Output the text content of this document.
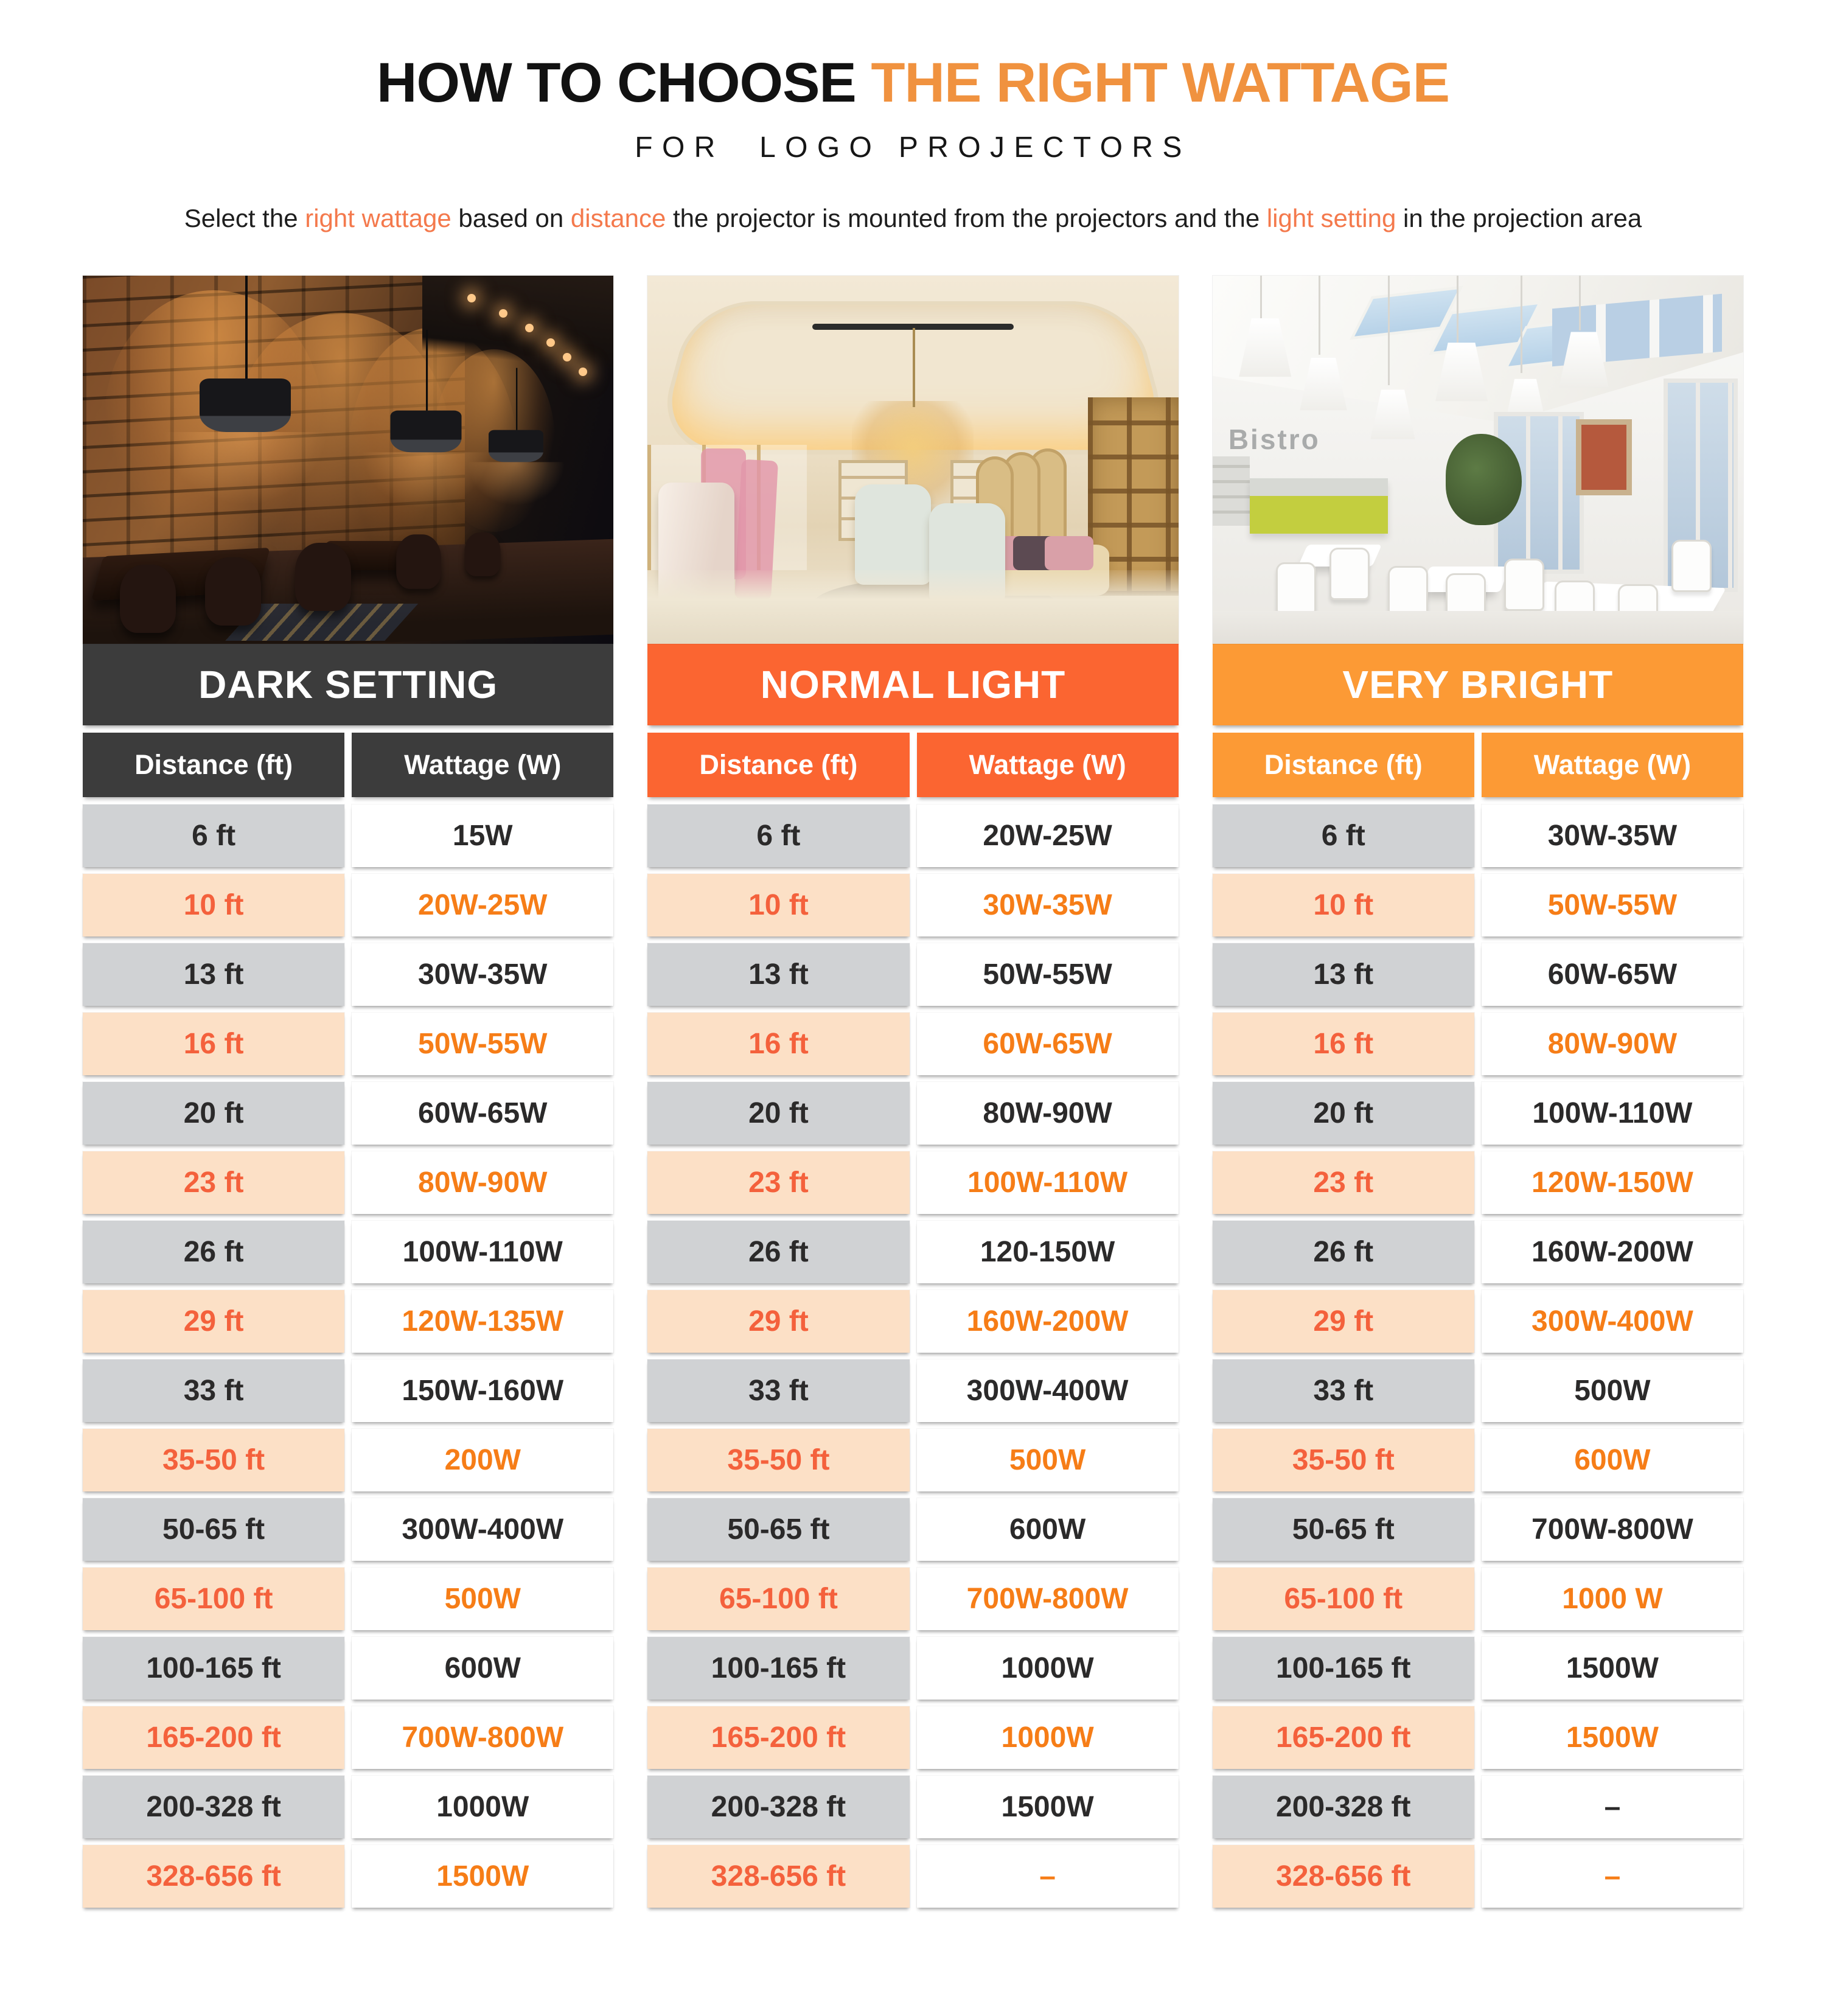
HOW TO CHOOSE THE RIGHT WATTAGE
FOR  LOGO PROJECTORS

Select the right wattage based on distance the projector is mounted from the projectors and the light setting in the projection area

DARK SETTING
Distance (ft)	Wattage (W)
6 ft	15W
10 ft	20W-25W
13 ft	30W-35W
16 ft	50W-55W
20 ft	60W-65W
23 ft	80W-90W
26 ft	100W-110W
29 ft	120W-135W
33 ft	150W-160W
35-50 ft	200W
50-65 ft	300W-400W
65-100 ft	500W
100-165 ft	600W
165-200 ft	700W-800W
200-328 ft	1000W
328-656 ft	1500W
NORMAL LIGHT
Distance (ft)	Wattage (W)
6 ft	20W-25W
10 ft	30W-35W
13 ft	50W-55W
16 ft	60W-65W
20 ft	80W-90W
23 ft	100W-110W
26 ft	120-150W
29 ft	160W-200W
33 ft	300W-400W
35-50 ft	500W
50-65 ft	600W
65-100 ft	700W-800W
100-165 ft	1000W
165-200 ft	1000W
200-328 ft	1500W
328-656 ft	–
Bistro
VERY BRIGHT
Distance (ft)	Wattage (W)
6 ft	30W-35W
10 ft	50W-55W
13 ft	60W-65W
16 ft	80W-90W
20 ft	100W-110W
23 ft	120W-150W
26 ft	160W-200W
29 ft	300W-400W
33 ft	500W
35-50 ft	600W
50-65 ft	700W-800W
65-100 ft	1000 W
100-165 ft	1500W
165-200 ft	1500W
200-328 ft	–
328-656 ft	–
